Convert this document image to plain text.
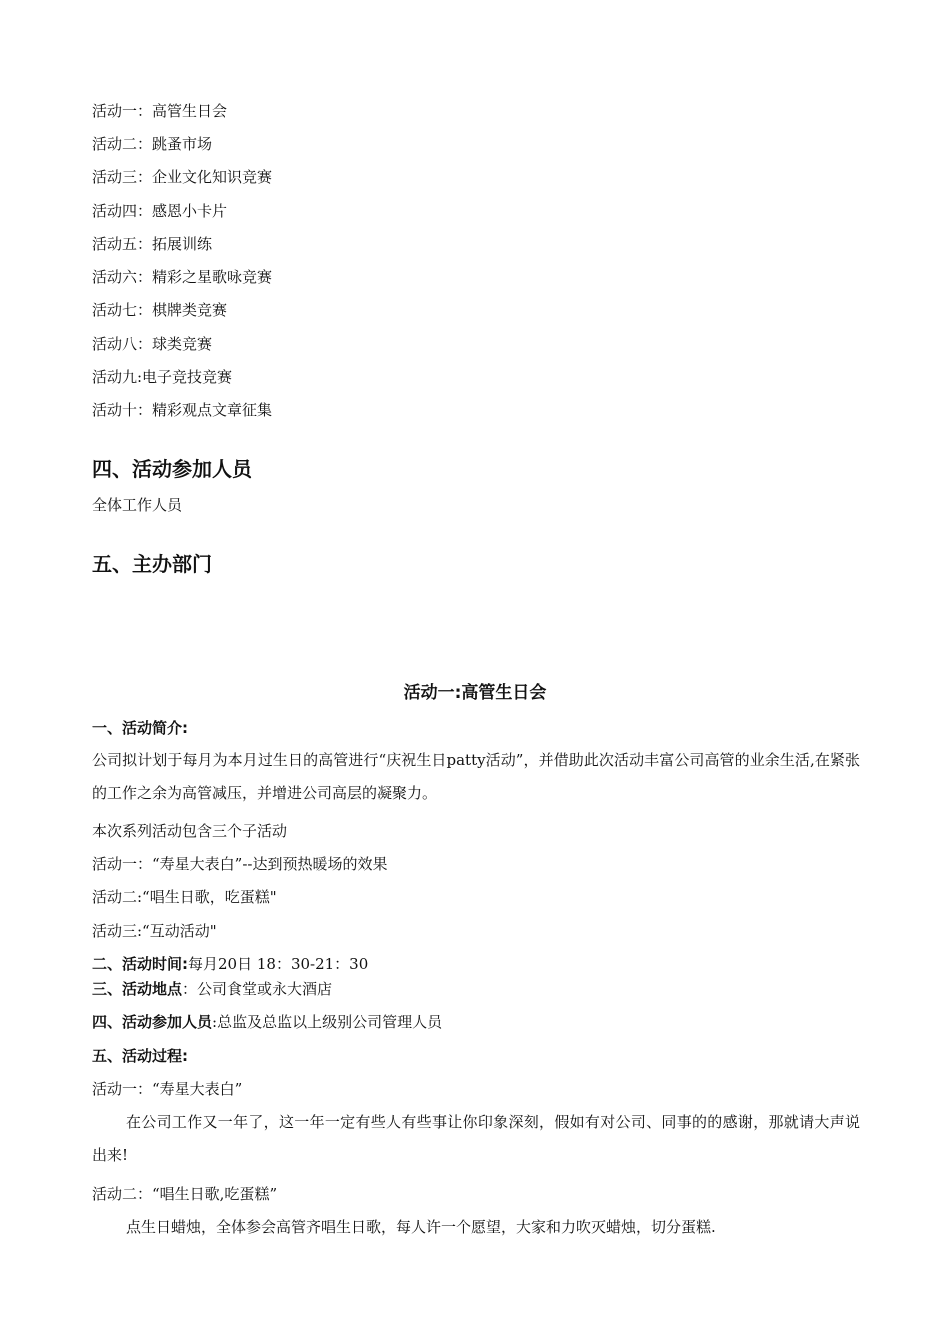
活动一：高管生日会
活动二：跳蚤市场
活动三：企业文化知识竞赛
活动四：感恩小卡片
活动五：拓展训练
活动六：精彩之星歌咏竞赛
活动七：棋牌类竞赛
活动八：球类竞赛
活动九:电子竞技竞赛
活动十：精彩观点文章征集
四、活动参加人员
全体工作人员
五、主办部门
活动一:高管生日会
一、活动简介:
公司拟计划于每月为本月过生日的高管进行“庆祝生日patty活动”，并借助此次活动丰富公司高管的业余生活,在紧张的工作之余为高管减压，并增进公司高层的凝聚力。
本次系列活动包含三个子活动
活动一：“寿星大表白”--达到预热暖场的效果
活动二:“唱生日歌，吃蛋糕"
活动三:“互动活动"
二、活动时间:每月20日 18：30-21：30
三、活动地点：公司食堂或永大酒店
四、活动参加人员:总监及总监以上级别公司管理人员
五、活动过程:
活动一：“寿星大表白”
在公司工作又一年了，这一年一定有些人有些事让你印象深刻，假如有对公司、同事的的感谢，那就请大声说出来!
活动二：“唱生日歌,吃蛋糕”
点生日蜡烛，全体参会高管齐唱生日歌，每人许一个愿望，大家和力吹灭蜡烛，切分蛋糕.
